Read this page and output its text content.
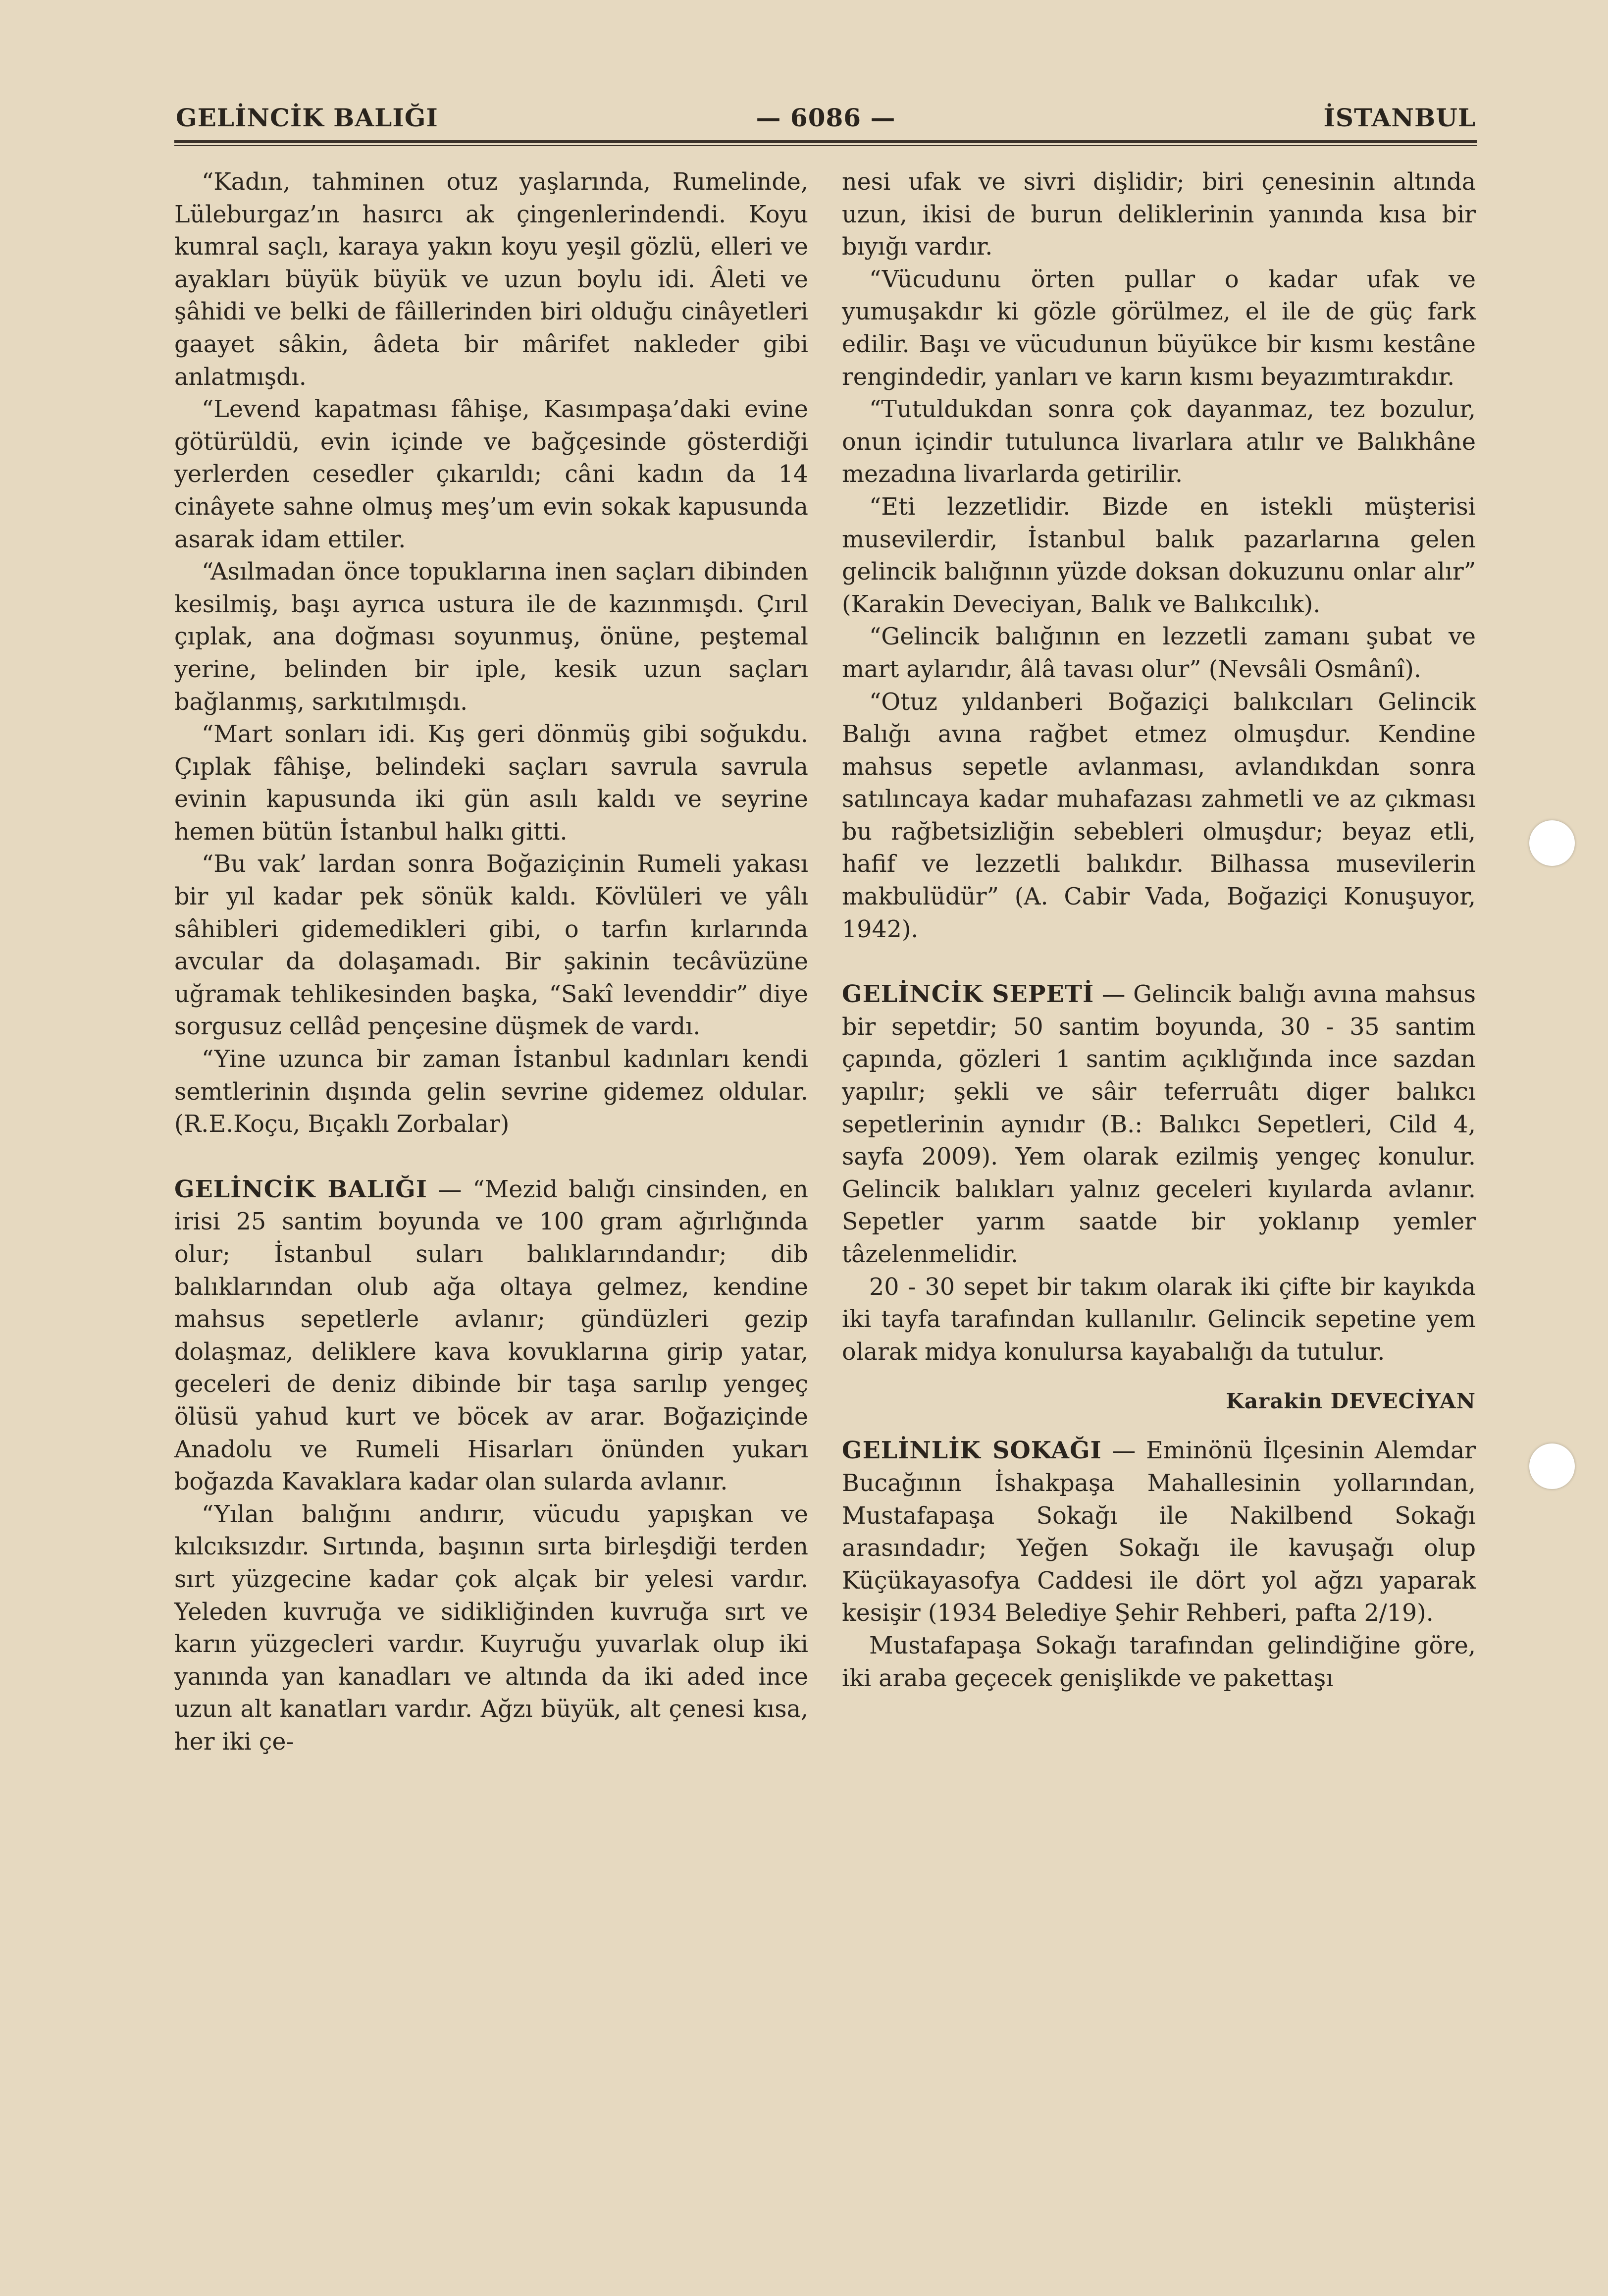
GELİNCİK BALIĞI	— 6086 —	İSTANBUL

“Kadın, tahminen otuz yaşlarında, Rumelinde, Lüleburgaz’ın hasırcı ak çingenlerindendi. Koyu kumral saçlı, karaya yakın koyu yeşil gözlü, elleri ve ayakları büyük büyük ve uzun boylu idi. Âleti ve şâhidi ve belki de fâillerinden biri olduğu cinâyetleri gaayet sâkin, âdeta bir mârifet nakleder gibi anlatmışdı.

“Levend kapatması fâhişe, Kasımpaşa’daki evine götürüldü, evin içinde ve bağçesinde gösterdiği yerlerden cesedler çıkarıldı; câni kadın da 14 cinâyete sahne olmuş meş’um evin sokak kapusunda asarak idam ettiler.

“Asılmadan önce topuklarına inen saçları dibinden kesilmiş, başı ayrıca ustura ile de kazınmışdı. Çırıl çıplak, ana doğması soyunmuş, önüne, peştemal yerine, belinden bir iple, kesik uzun saçları bağlanmış, sarkıtılmışdı.

“Mart sonları idi. Kış geri dönmüş gibi soğukdu. Çıplak fâhişe, belindeki saçları savrula savrula evinin kapusunda iki gün asılı kaldı ve seyrine hemen bütün İstanbul halkı gitti.

“Bu vak’ lardan sonra Boğaziçinin Rumeli yakası bir yıl kadar pek sönük kaldı. Kövlüleri ve yâlı sâhibleri gidemedikleri gibi, o tarfın kırlarında avcular da dolaşamadı. Bir şakinin tecâvüzüne uğramak tehlikesinden başka, “Sakî levenddir” diye sorgusuz cellâd pençesine düşmek de vardı.

“Yine uzunca bir zaman İstanbul kadınları kendi semtlerinin dışında gelin sevrine gidemez oldular. (R.E.Koçu, Bıçaklı Zorbalar)

GELİNCİK BALIĞI — “Mezid balığı cinsinden, en irisi 25 santim boyunda ve 100 gram ağırlığında olur; İstanbul suları balıklarındandır; dib balıklarından olub ağa oltaya gelmez, kendine mahsus sepetlerle avlanır; gündüzleri gezip dolaşmaz, deliklere kava kovuklarına girip yatar, geceleri de deniz dibinde bir taşa sarılıp yengeç ölüsü yahud kurt ve böcek av arar. Boğaziçinde Anadolu ve Rumeli Hisarları önünden yukarı boğazda Kavaklara kadar olan sularda avlanır.

“Yılan balığını andırır, vücudu yapışkan ve kılcıksızdır. Sırtında, başının sırta birleşdiği terden sırt yüzgecine kadar çok alçak bir yelesi vardır. Yeleden kuvruğa ve sidikliğinden kuvruğa sırt ve karın yüzgecleri vardır. Kuyruğu yuvarlak olup iki yanında yan kanadları ve altında da iki aded ince uzun alt kanatları vardır. Ağzı büyük, alt çenesi kısa, her iki çe-

nesi ufak ve sivri dişlidir; biri çenesinin altında uzun, ikisi de burun deliklerinin yanında kısa bir bıyığı vardır.

“Vücudunu örten pullar o kadar ufak ve yumuşakdır ki gözle görülmez, el ile de güç fark edilir. Başı ve vücudunun büyükce bir kısmı kestâne rengindedir, yanları ve karın kısmı beyazımtırakdır.

“Tutuldukdan sonra çok dayanmaz, tez bozulur, onun içindir tutulunca livarlara atılır ve Balıkhâne mezadına livarlarda getirilir.

“Eti lezzetlidir. Bizde en istekli müşterisi musevilerdir, İstanbul balık pazarlarına gelen gelincik balığının yüzde doksan dokuzunu onlar alır” (Karakin Deveciyan, Balık ve Balıkcılık).

“Gelincik balığının en lezzetli zamanı şubat ve mart aylarıdır, âlâ tavası olur” (Nevsâli Osmânî).

“Otuz yıldanberi Boğaziçi balıkcıları Gelincik Balığı avına rağbet etmez olmuşdur. Kendine mahsus sepetle avlanması, avlandıkdan sonra satılıncaya kadar muhafazası zahmetli ve az çıkması bu rağbetsizliğin sebebleri olmuşdur; beyaz etli, hafif ve lezzetli balıkdır. Bilhassa musevilerin makbulüdür” (A. Cabir Vada, Boğaziçi Konuşuyor, 1942).

GELİNCİK SEPETİ — Gelincik balığı avına mahsus bir sepetdir; 50 santim boyunda, 30 - 35 santim çapında, gözleri 1 santim açıklığında ince sazdan yapılır; şekli ve sâir teferruâtı diger balıkcı sepetlerinin aynıdır (B.: Balıkcı Sepetleri, Cild 4, sayfa 2009). Yem olarak ezilmiş yengeç konulur. Gelincik balıkları yalnız geceleri kıyılarda avlanır. Sepetler yarım saatde bir yoklanıp yemler tâzelenmelidir.

20 - 30 sepet bir takım olarak iki çifte bir kayıkda iki tayfa tarafından kullanılır. Gelincik sepetine yem olarak midya konulursa kayabalığı da tutulur.

Karakin DEVECİYAN

GELİNLİK SOKAĞI — Eminönü İlçesinin Alemdar Bucağının İshakpaşa Mahallesinin yollarından, Mustafapaşa Sokağı ile Nakilbend Sokağı arasındadır; Yeğen Sokağı ile kavuşağı olup Küçükayasofya Caddesi ile dört yol ağzı yaparak kesişir (1934 Belediye Şehir Rehberi, pafta 2/19).

Mustafapaşa Sokağı tarafından gelindiğine göre, iki araba geçecek genişlikde ve pakettaşı
